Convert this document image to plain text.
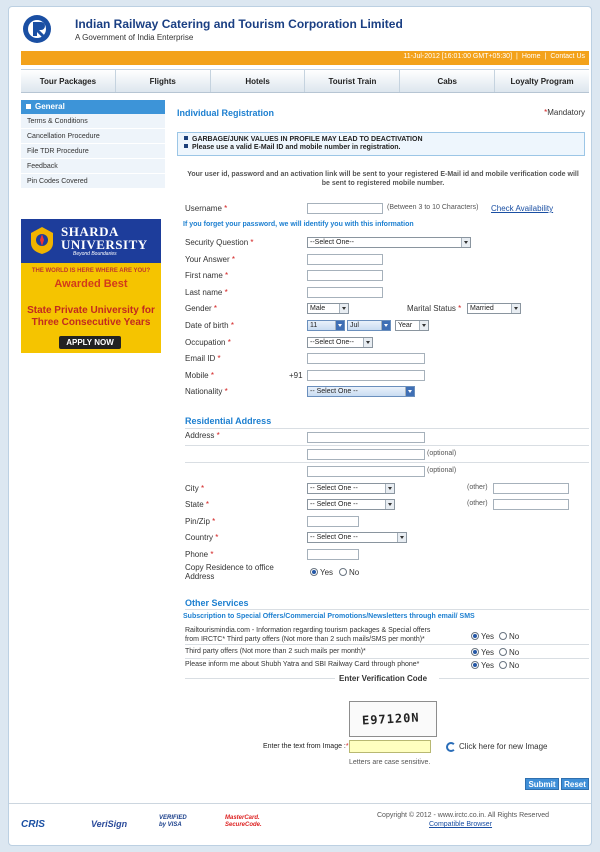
Indian Railway Catering and Tourism Corporation Limited
A Government of India Enterprise
11-Jul-2012 [16:01:00 GMT+05:30] | Home | Contact Us
Tour Packages	Flights	Hotels	Tourist Train	Cabs	Loyalty Program
General
Terms & Conditions
Cancellation Procedure
File TDR Procedure
Feedback
Pin Codes Covered
SHARDA UNIVERSITY
Beyond Boundaries
THE WORLD IS HERE WHERE ARE YOU?
Awarded Best
State Private University for Three Consecutive Years
APPLY NOW
Individual Registration	*Mandatory
GARBAGE/JUNK VALUES IN PROFILE MAY LEAD TO DEACTIVATION
Please use a valid E-Mail ID and mobile number in registration.
Your user id, password and an activation link will be sent to your registered E-Mail id and mobile verification code will be sent to registered mobile number.
Username *	(Between 3 to 10 Characters) Check Availability
If you forget your password, we will identify you with this information
Security Question *	--Select One--
Your Answer *
First name *
Last name *
Gender *	Male	Marital Status *	Married
Date of birth *	11	Jul	Year
Occupation *	--Select One--
Email ID *
Mobile *	+91
Nationality *	-- Select One --
Residential Address
Address *
(optional)
(optional)
City *	-- Select One --	(other)
State *	-- Select One --	(other)
Pin/Zip *
Country *	-- Select One --
Phone *
Copy Residence to office
Address	Yes No
Other Services
Subscription to Special Offers/Commercial Promotions/Newsletters through email/ SMS
Railtourismindia.com - Information regarding tourism packages & Special offers
from IRCTC* Third party offers (Not more than 2 such mails/SMS per month)*	Yes No
Third party offers (Not more than 2 such mails per month)*	Yes No
Please inform me about Shubh Yatra and SBI Railway Card through phone*	Yes No
Enter Verification Code
E97120N
Enter the text from Image :*	Click here for new Image
Letters are case sensitive.
Submit	Reset
CRIS	VeriSign
VERIFIED
by VISA
MasterCard.
SecureCode.
Copyright © 2012 - www.irctc.co.in. All Rights Reserved
Compatible Browser
